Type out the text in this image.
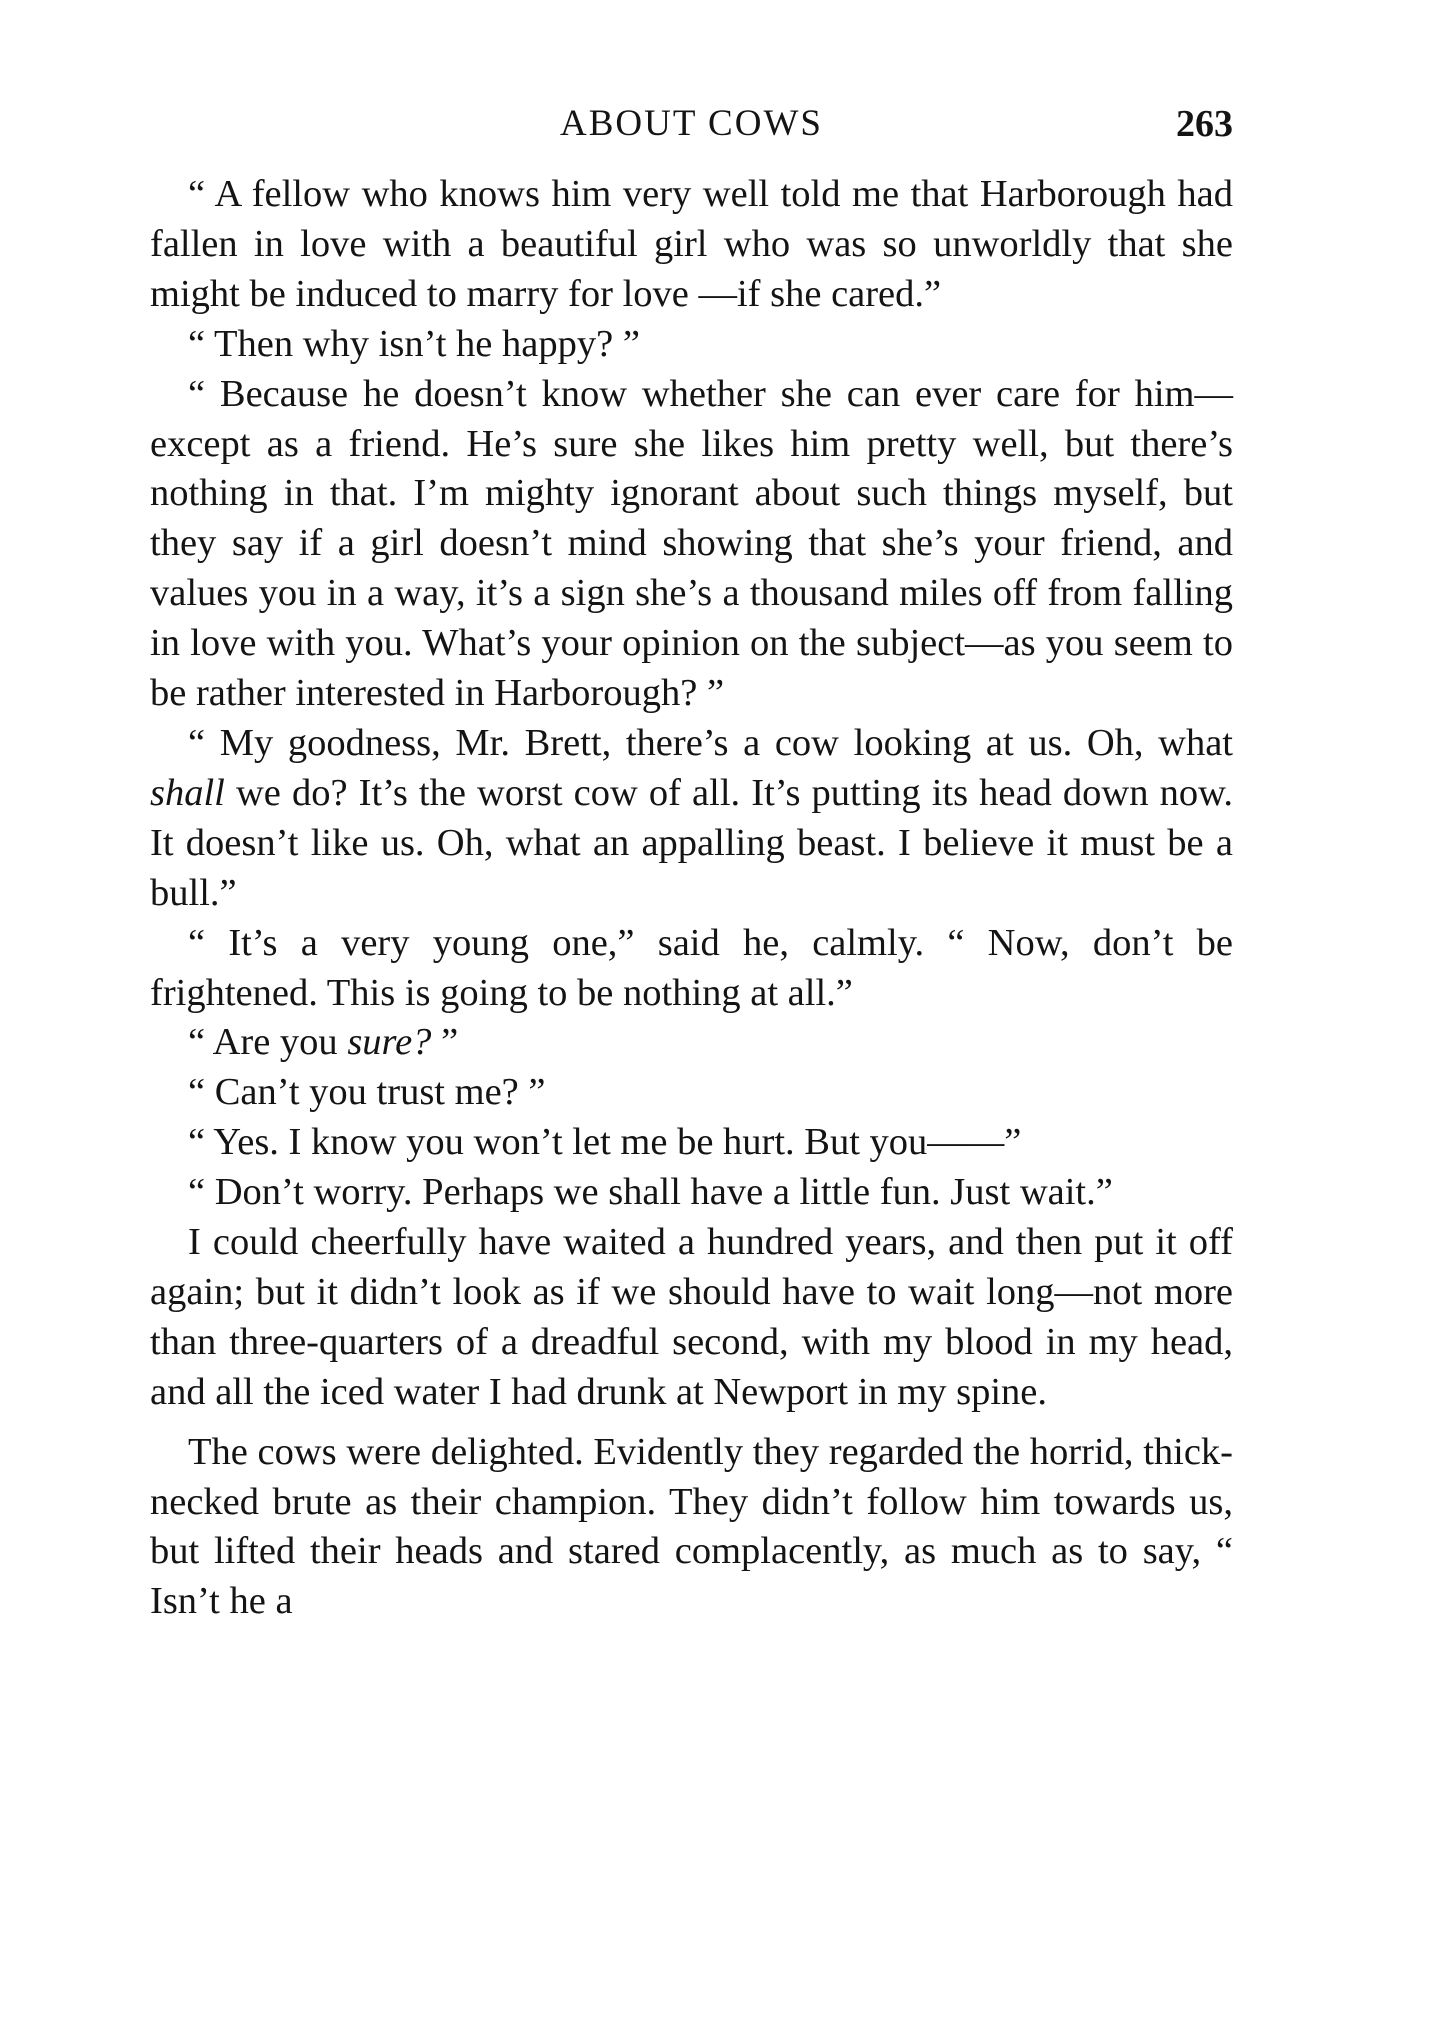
ABOUT COWS	263

“ A fellow who knows him very well told me that Harborough had fallen in love with a beautiful girl who was so unworldly that she might be induced to marry for love —if she cared.”

“ Then why isn’t he happy? ”

“ Because he doesn’t know whether she can ever care for him—except as a friend. He’s sure she likes him pretty well, but there’s nothing in that. I’m mighty ignorant about such things myself, but they say if a girl doesn’t mind showing that she’s your friend, and values you in a way, it’s a sign she’s a thousand miles off from falling in love with you. What’s your opinion on the subject—as you seem to be rather interested in Harborough? ”

“ My goodness, Mr. Brett, there’s a cow looking at us. Oh, what shall we do? It’s the worst cow of all. It’s putting its head down now. It doesn’t like us. Oh, what an appalling beast. I believe it must be a bull.”

“ It’s a very young one,” said he, calmly. “ Now, don’t be frightened. This is going to be nothing at all.”

“ Are you sure? ”

“ Can’t you trust me? ”

“ Yes. I know you won’t let me be hurt. But you——”

“ Don’t worry. Perhaps we shall have a little fun. Just wait.”

I could cheerfully have waited a hundred years, and then put it off again; but it didn’t look as if we should have to wait long—not more than three-quarters of a dreadful second, with my blood in my head, and all the iced water I had drunk at Newport in my spine.

The cows were delighted. Evidently they regarded the horrid, thick-necked brute as their champion. They didn’t follow him towards us, but lifted their heads and stared complacently, as much as to say, “ Isn’t he a
